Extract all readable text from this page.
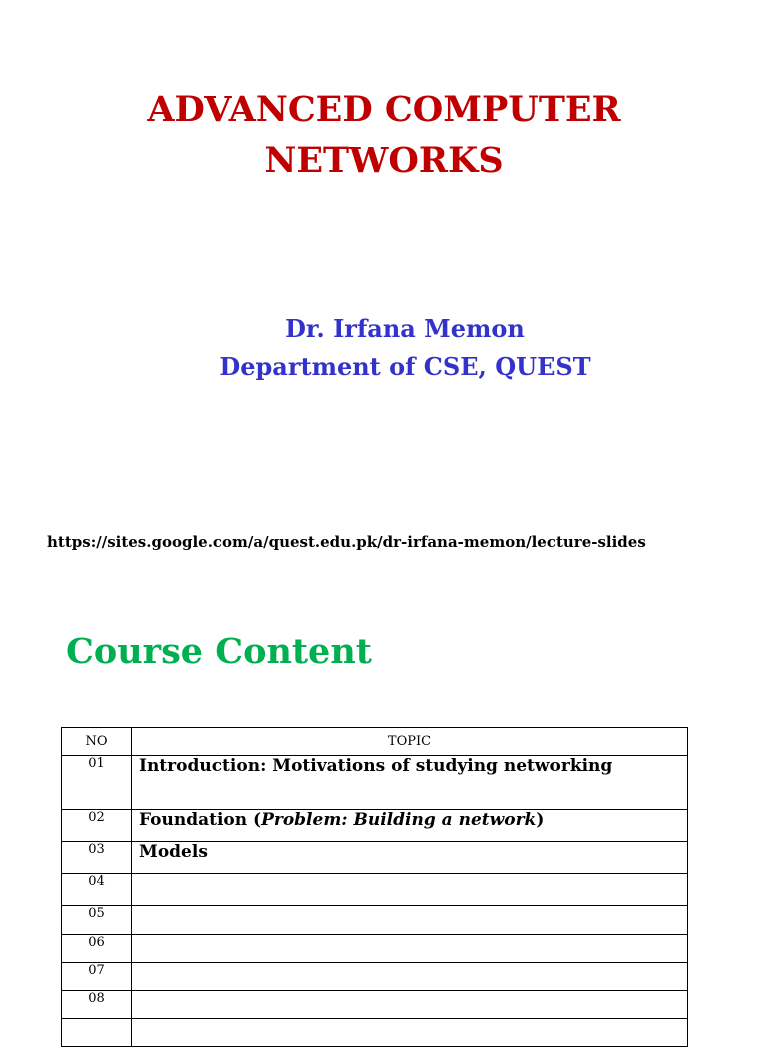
ADVANCED COMPUTER
NETWORKS
Dr. Irfana Memon
Department of CSE, QUEST
https://sites.google.com/a/quest.edu.pk/dr-irfana-memon/lecture-slides
Course Content
NO	TOPIC
01	Introduction: Motivations of studying networking
02	Foundation (Problem: Building a network)
03	Models
04	
05	
06	
07	
08	
